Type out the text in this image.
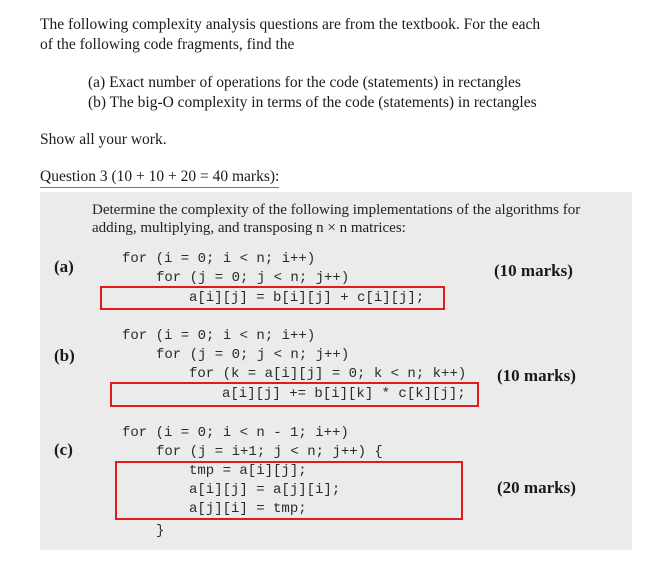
The following complexity analysis questions are from the textbook. For the each
of the following code fragments, find the
(a) Exact number of operations for the code (statements) in rectangles
(b) The big-O complexity in terms of the code (statements) in rectangles
Show all your work.
Question 3 (10 + 10 + 20 = 40 marks):
Determine the complexity of the following implementations of the algorithms for
adding, multiplying, and transposing n × n matrices:
(a)	(10 marks)
for (i = 0; i < n; i++)
for (j = 0; j < n; j++)
a[i][j] = b[i][j] + c[i][j];
(b)
(10 marks)
for (i = 0; i < n; i++)
for (j = 0; j < n; j++)
for (k = a[i][j] = 0; k < n; k++)
a[i][j] += b[i][k] * c[k][j];
(c)
(20 marks)
for (i = 0; i < n - 1; i++)
for (j = i+1; j < n; j++) {
tmp = a[i][j];
a[i][j] = a[j][i];
a[j][i] = tmp;
}
